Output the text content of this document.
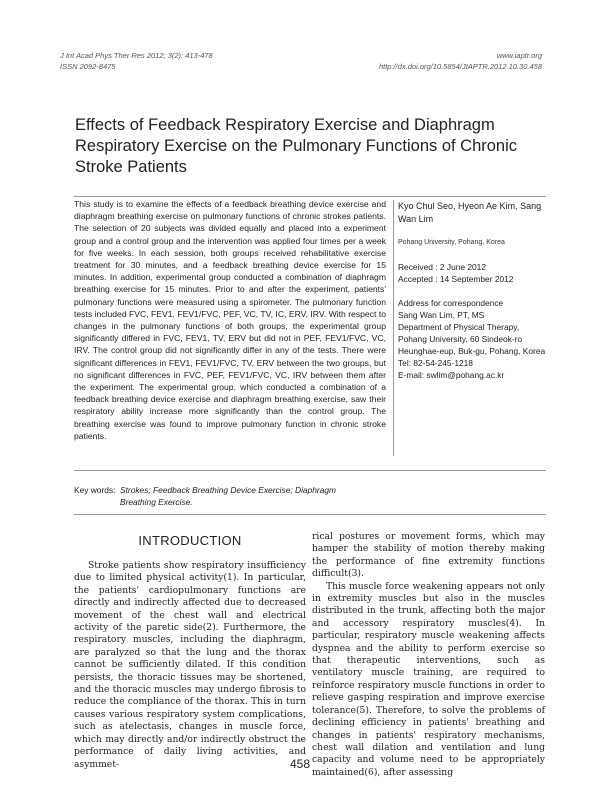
J Int Acad Phys Ther Res 2012; 3(2): 413-478
ISSN 2092-8475
www.iaptr.org
http://dx.doi.org/10.5854/JIAPTR.2012.10.30.458
Effects of Feedback Respiratory Exercise and Diaphragm Respiratory Exercise on the Pulmonary Functions of Chronic Stroke Patients
This study is to examine the effects of a feedback breathing device exercise and diaphragm breathing exercise on pulmonary functions of chronic strokes patients. The selection of 20 subjects was divided equally and placed into a experiment group and a control group and the intervention was applied four times per a week for five weeks. In each session, both groups received rehabilitative exercise treatment for 30 minutes, and a feedback breathing device exercise for 15 minutes. In addition, experimental group conducted a combination of diaphragm breathing exercise for 15 minutes. Prior to and after the experiment, patients' pulmonary functions were measured using a spirometer. The pulmonary function tests included FVC, FEV1, FEV1/FVC, PEF, VC, TV, IC, ERV, IRV. With respect to changes in the pulmonary functions of both groups, the experimental group significantly differed in FVC, FEV1, TV, ERV but did not in PEF, FEV1/FVC, VC, IRV. The control group did not significantly differ in any of the tests. There were significant differences in FEV1, FEV1/FVC, TV, ERV between the two groups, but no significant differences in FVC, PEF, FEV1/FVC, VC, IRV between them after the experiment. The experimental group, which conducted a combination of a feedback breathing device exercise and diaphragm breathing exercise, saw their respiratory ability increase more significantly than the control group. The breathing exercise was found to improve pulmonary function in chronic stroke patients.
Kyo Chul Seo, Hyeon Ae Kim, Sang Wan Lim
Pohang University, Pohang, Korea
Received : 2 June 2012
Accepted : 14 September 2012
Address for correspondence
Sang Wan Lim, PT, MS
Department of Physical Therapy, Pohang University, 60 Sindeok-ro Heunghae-eup, Buk-gu, Pohang, Korea
Tel: 82-54-245-1218
E-mail: swlim@pohang.ac.kr
Key words: Strokes; Feedback Breathing Device Exercise; Diaphragm Breathing Exercise.
INTRODUCTION
Stroke patients show respiratory insufficiency due to limited physical activity(1). In particular, the patients' cardiopulmonary functions are directly and indirectly affected due to decreased movement of the chest wall and electrical activity of the paretic side(2). Furthermore, the respiratory muscles, including the diaphragm, are paralyzed so that the lung and the thorax cannot be sufficiently dilated. If this condition persists, the thoracic tissues may be shortened, and the thoracic muscles may undergo fibrosis to reduce the compliance of the thorax. This in turn causes various respiratory system complications, such as atelectasis, changes in muscle force, which may directly and/or indirectly obstruct the performance of daily living activities, and asymmet-

rical postures or movement forms, which may hamper the stability of motion thereby making the performance of fine extremity functions difficult(3).

This muscle force weakening appears not only in extremity muscles but also in the muscles distributed in the trunk, affecting both the major and accessory respiratory muscles(4). In particular, respiratory muscle weakening affects dyspnea and the ability to perform exercise so that therapeutic interventions, such as ventilatory muscle training, are required to reinforce respiratory muscle functions in order to relieve gasping respiration and improve exercise tolerance(5). Therefore, to solve the problems of declining efficiency in patients' breathing and changes in patients' respiratory mechanisms, chest wall dilation and ventilation and lung capacity and volume need to be appropriately maintained(6), after assessing

458
